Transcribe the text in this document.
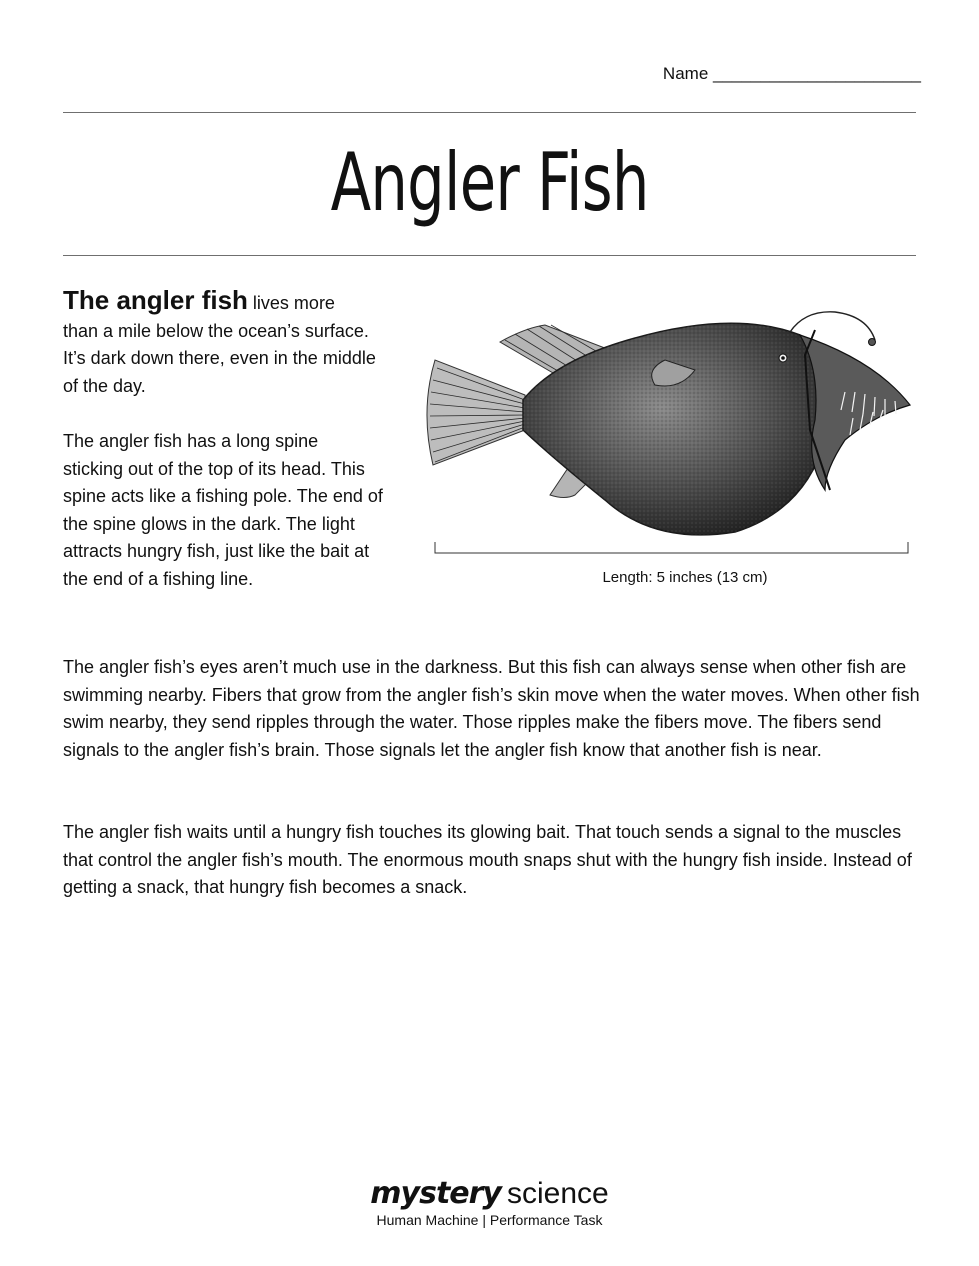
Name ______________________
Angler Fish

The angler fish lives more
than a mile below the ocean’s surface. It’s dark down there, even in the middle of the day.

The angler fish has a long spine sticking out of the top of its head. This spine acts like a fishing pole. The end of the spine glows in the dark. The light attracts hungry fish, just like the bait at the end of a fishing line.	Length: 5 inches (13 cm)

The angler fish’s eyes aren’t much use in the darkness. But this fish can always sense when other fish are swimming nearby. Fibers that grow from the angler fish’s skin move when the water moves. When other fish swim nearby, they send ripples through the water. Those ripples make the fibers move. The fibers send signals to the angler fish’s brain. Those signals let the angler fish know that another fish is near.

The angler fish waits until a hungry fish touches its glowing bait. That touch sends a signal to the muscles that control the angler fish’s mouth. The enormous mouth snaps shut with the hungry fish inside. Instead of getting a snack, that hungry fish becomes a snack.

mystery science
Human Machine | Performance Task
